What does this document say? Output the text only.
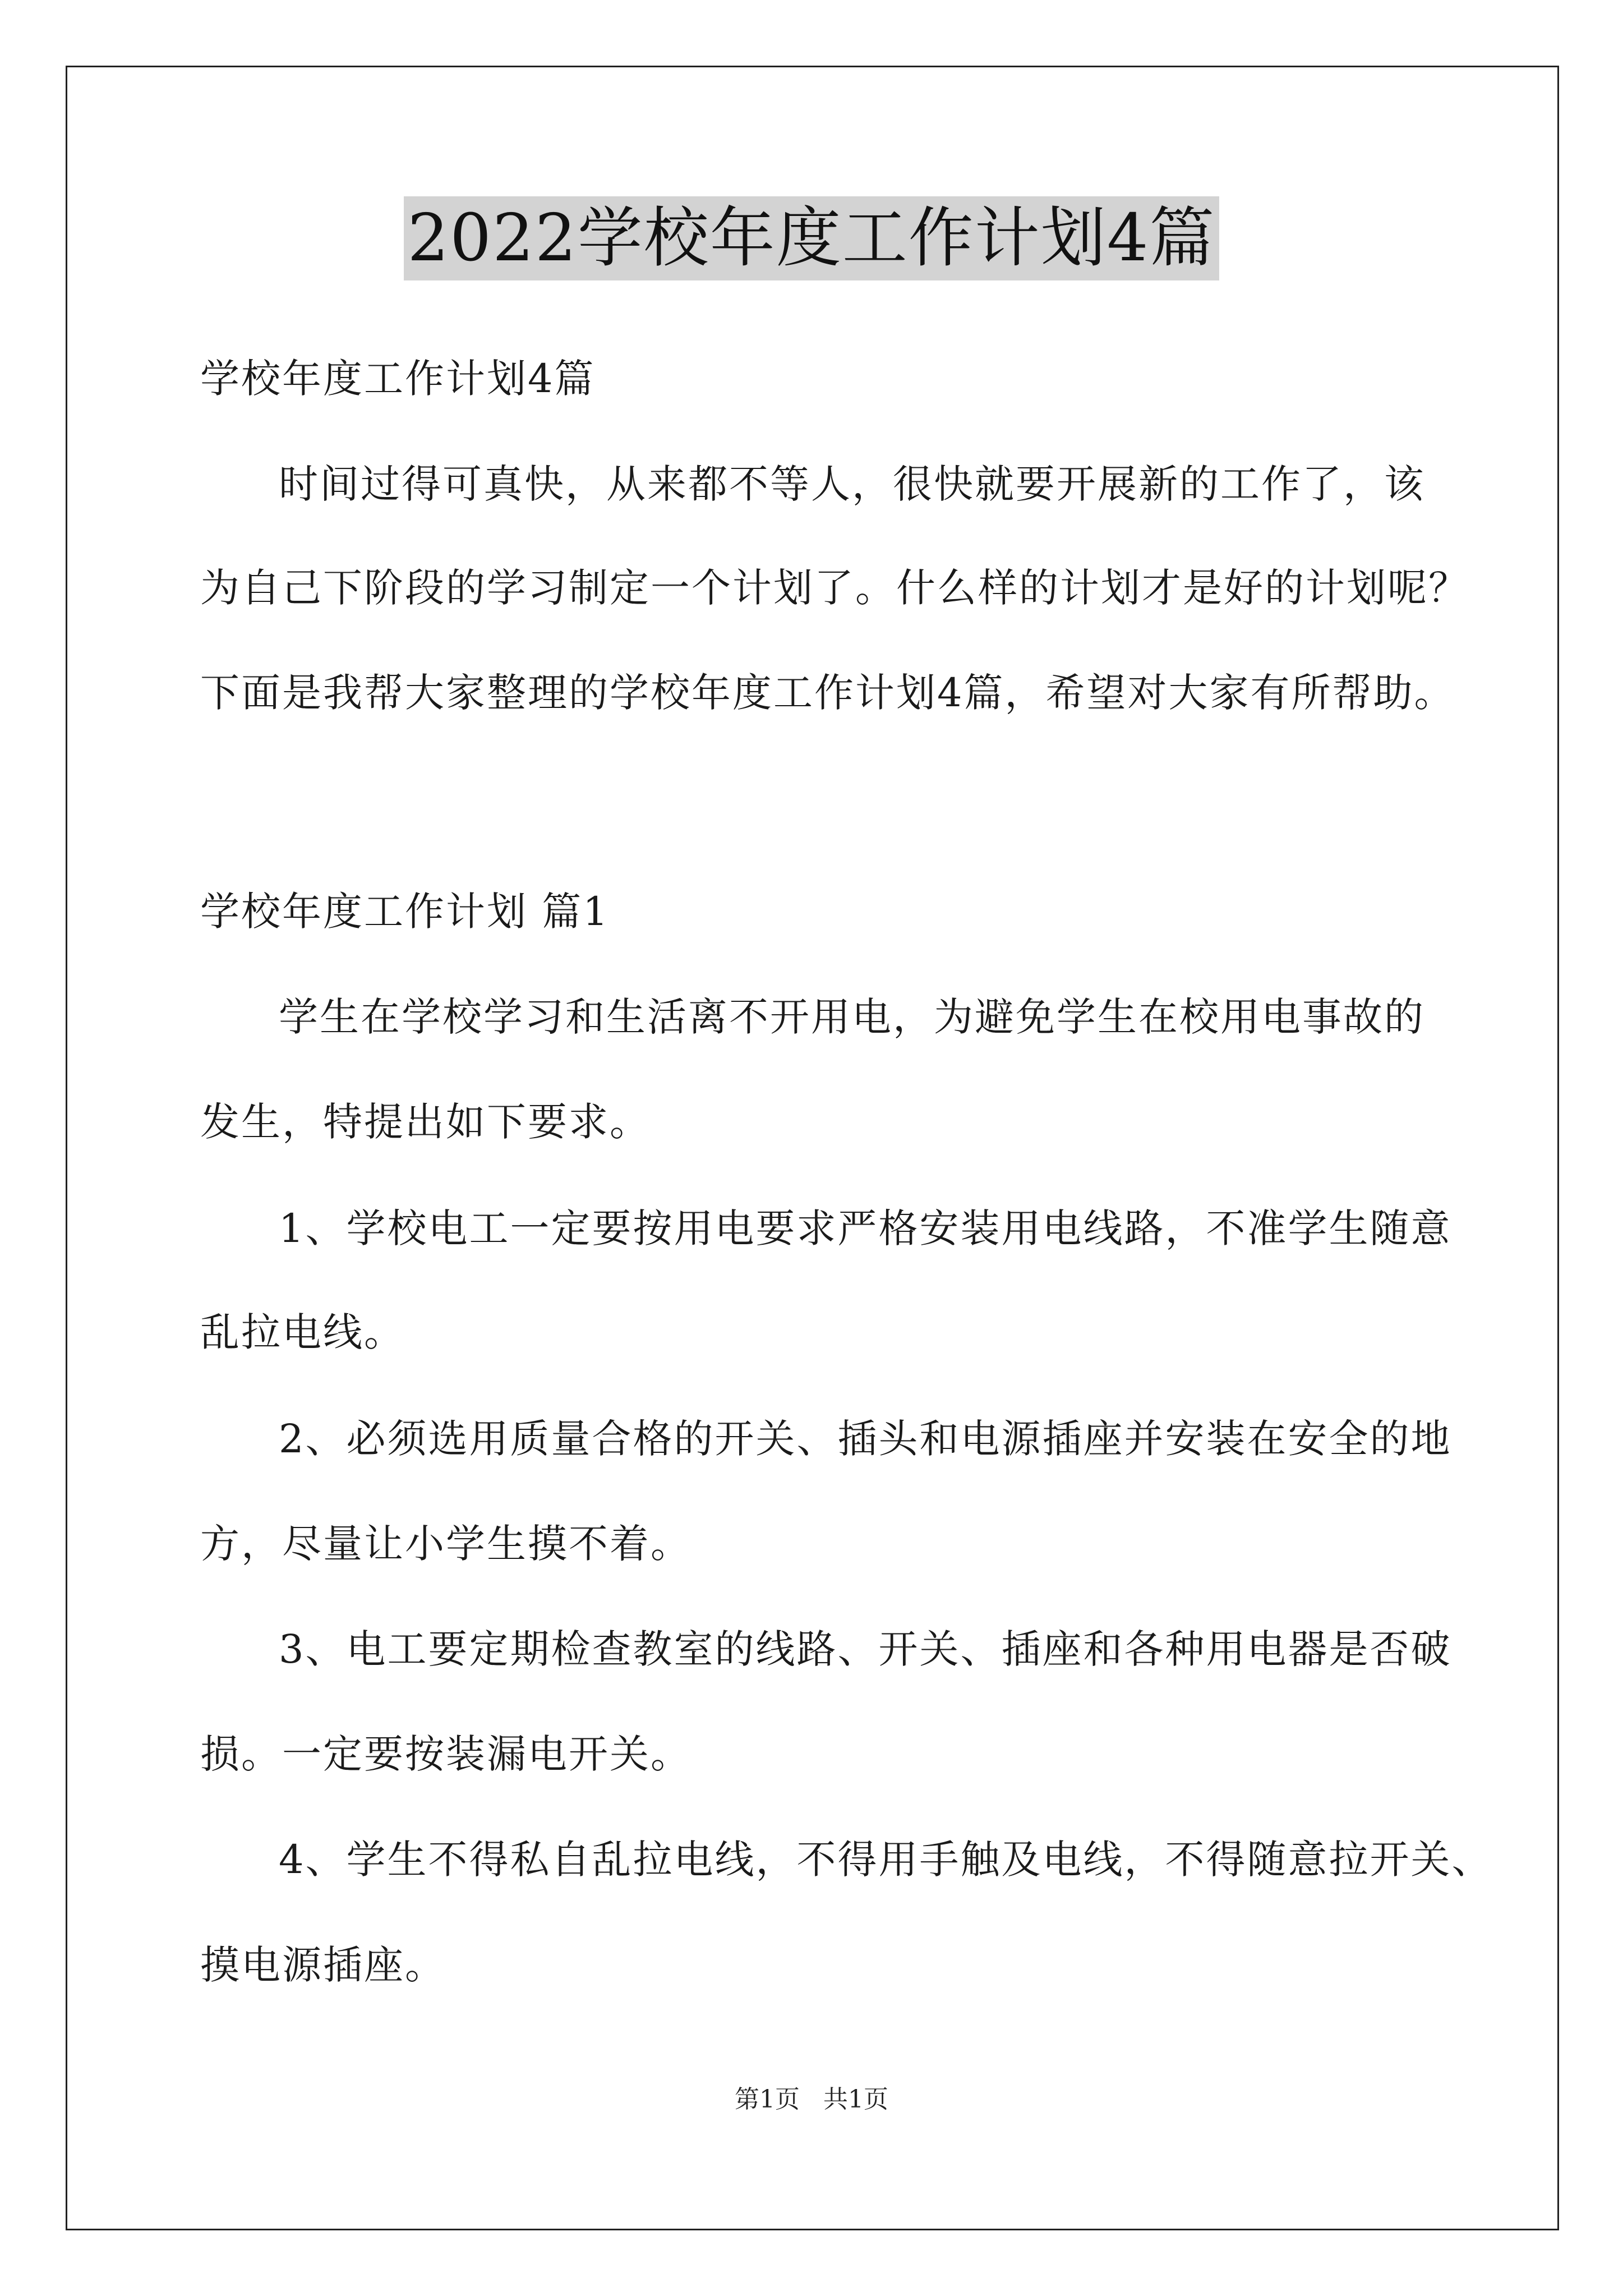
2022学校年度工作计划4篇
学校年度工作计划4篇
时间过得可真快，从来都不等人，很快就要开展新的工作了，该
为自己下阶段的学习制定一个计划了。什么样的计划才是好的计划呢？
下面是我帮大家整理的学校年度工作计划4篇，希望对大家有所帮助。
学校年度工作计划 篇1
学生在学校学习和生活离不开用电，为避免学生在校用电事故的
发生，特提出如下要求。
1、学校电工一定要按用电要求严格安装用电线路，不准学生随意
乱拉电线。
2、必须选用质量合格的开关、插头和电源插座并安装在安全的地
方，尽量让小学生摸不着。
3、电工要定期检查教室的线路、开关、插座和各种用电器是否破
损。一定要按装漏电开关。
4、学生不得私自乱拉电线，不得用手触及电线，不得随意拉开关、
摸电源插座。
第1页 共1页
